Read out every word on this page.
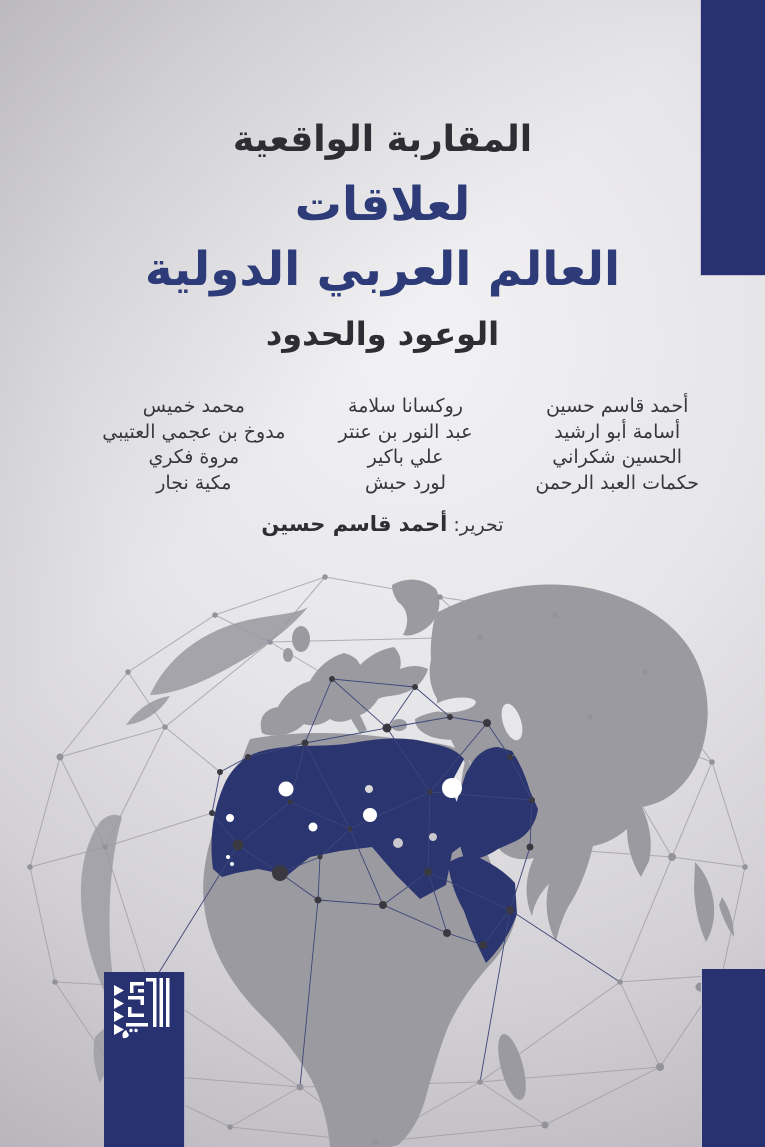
المقاربة الواقعية
لعلاقات
العالم العربي الدولية
الوعود والحدود
أحمد قاسم حسين
أسامة أبو ارشيد
الحسين شكراني
حكمات العبد الرحمن
روكسانا سلامة
عبد النور بن عنتر
علي باكير
لورد حبش
محمد خميس
مدوخ بن عجمي العتيبي
مروة فكري
مكية نجار
تحرير: أحمد قاسم حسين
